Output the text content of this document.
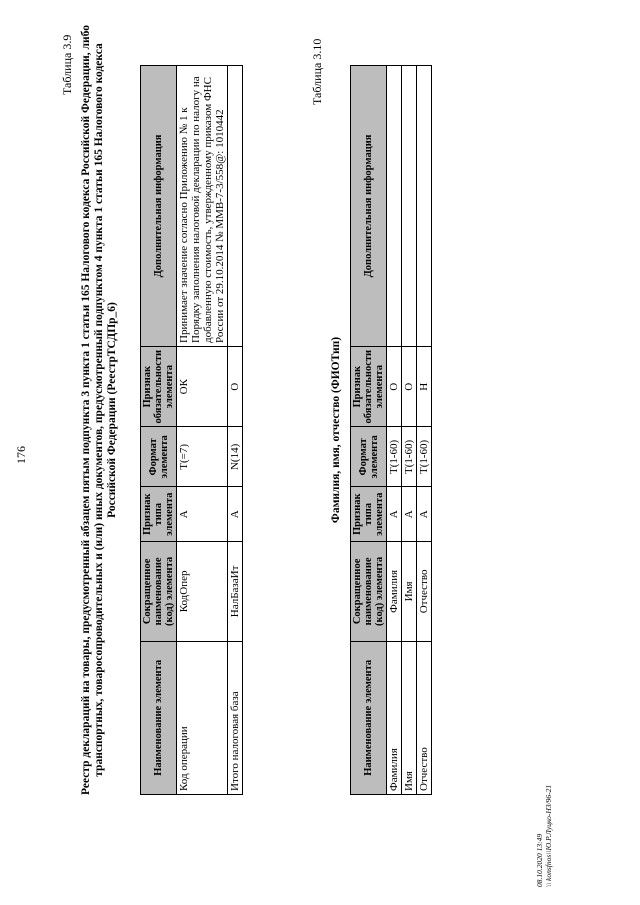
176
Таблица 3.9 Реестр деклараций на товары, предусмотренный абзацем пятым подпункта 3 пункта 1 статьи 165 Налогового кодекса Российской Федерации, либо транспортных, товаросопроводительных и (или) иных документов, предусмотренный подпунктом 4 пункта 1 статьи 165 Налогового кодекса Российской Федерации (РеестрТСДПр_6)
Наименование элемента	Сокращенное наименование (код) элемента	Признак типа элемента	Формат элемента	Признак обязательности элемента	Дополнительная информация
Код операции	КодОпер	А	T(=7)	ОК	Принимает значение согласно Приложению № 1 к Порядку заполнения налоговой декларации по налогу на добавленную стоимость, утвержденному приказом ФНС России от 29.10.2014 № ММВ-7-3/558@: 1010442
Итого налоговая база	НалБазаИт	А	N(14)	О	
Таблица 3.10
Фамилия, имя, отчество (ФИОТип)
Наименование элемента	Сокращенное наименование (код) элемента	Признак типа элемента	Формат элемента	Признак обязательности элемента	Дополнительная информация
Фамилия	Фамилия	А	T(1-60)	О	
Имя	Имя	А	T(1-60)	О	
Отчество	Отчество	А	T(1-60)	Н	
08.10.2020 13:49 \\ konsfnos\\Ю.Р.Луцко-Н3/96-21
